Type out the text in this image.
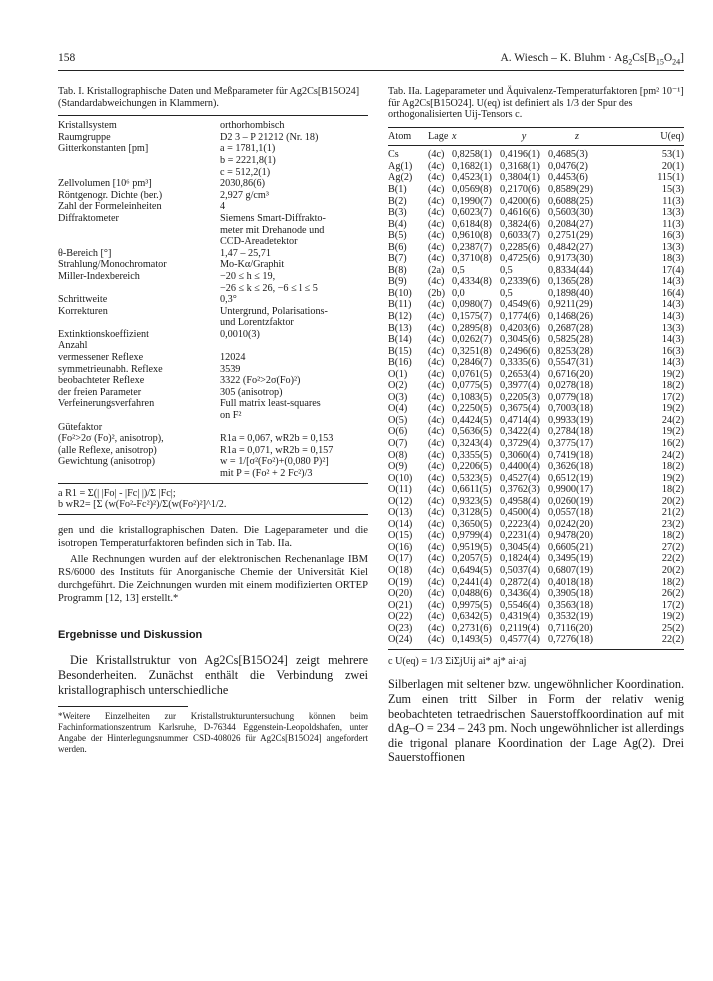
158	A. Wiesch – K. Bluhm · $Ag_2Cs[B_{15}O_{24}]$

Tab. I. Kristallographische Daten und Meßparameter für Ag2Cs[B15O24] (Standardabweichungen in Klammern).

Kristallsystem	orthorhombisch
Raumgruppe	D2 3 – P 21212 (Nr. 18)
Gitterkonstanten [pm]	a = 1781,1(1)
b = 2221,8(1)
c = 512,2(1)
Zellvolumen [10⁶ pm³]	2030,86(6)
Röntgenogr. Dichte (ber.)	2,927 g/cm³
Zahl der Formeleinheiten	4
Diffraktometer	Siemens Smart-Diffrakto-
meter mit Drehanode und
CCD-Areadetektor
θ-Bereich [°]	1,47 – 25,71
Strahlung/Monochromator	Mo-Kα/Graphit
Miller-Indexbereich	−20 ≤ h ≤ 19,
−26 ≤ k ≤ 26, −6 ≤ l ≤ 5
Schrittweite	0,3°
Korrekturen	Untergrund, Polarisations-
und Lorentzfaktor
Extinktionskoeffizient	0,0010(3)
Anzahl
vermessener Reflexe	12024
symmetrieunabh. Reflexe	3539
beobachteter Reflexe	3322 (Fo²>2σ(Fo)²)
der freien Parameter	305 (anisotrop)
Verfeinerungsverfahren	Full matrix least-squares
on F²
Gütefaktor
(Fo²>2σ (Fo)², anisotrop),	R1a = 0,067, wR2b = 0,153
(alle Reflexe, anisotrop)	R1a = 0,071, wR2b = 0,157
Gewichtung (anisotrop)	w = 1/[σ²(Fo²)+(0,080 P)²]
mit P = (Fo² + 2 Fc²)/3
a R1 = Σ(| |Fo| - |Fc| |)/Σ |Fc|;
b wR2= [Σ (w(Fo²-Fc²)²)/Σ(w(Fo²)²]^1/2.

gen und die kristallographischen Daten. Die Lageparameter und die isotropen Temperaturfaktoren befinden sich in Tab. IIa.

Alle Rechnungen wurden auf der elektronischen Rechenanlage IBM RS/6000 des Instituts für Anorganische Chemie der Universität Kiel durchgeführt. Die Zeichnungen wurden mit einem modifizierten ORTEP Programm [12, 13] erstellt.*

Ergebnisse und Diskussion

Die Kristallstruktur von Ag2Cs[B15O24] zeigt mehrere Besonderheiten. Zunächst enthält die Verbindung zwei kristallographisch unterschiedliche

*Weitere Einzelheiten zur Kristallstrukturuntersuchung können beim Fachinformationszentrum Karlsruhe, D-76344 Eggenstein-Leopoldshafen, unter Angabe der Hinterlegungsnummer CSD-408026 für Ag2Cs[B15O24] angefordert werden.

Tab. IIa. Lageparameter und Äquivalenz-Temperaturfaktoren [pm² 10⁻¹] für Ag2Cs[B15O24]. U(eq) ist definiert als 1/3 der Spur des orthogonalisierten Uij-Tensors c.

Atom	Lage	x	y	z	U(eq)
Cs	(4c)	0,8258(1)	0,4196(1)	0,4685(3)	53(1)
Ag(1)	(4c)	0,1682(1)	0,3168(1)	0,0476(2)	20(1)
Ag(2)	(4c)	0,4523(1)	0,3804(1)	0,4453(6)	115(1)
B(1)	(4c)	0,0569(8)	0,2170(6)	0,8589(29)	15(3)
B(2)	(4c)	0,1990(7)	0,4200(6)	0,6088(25)	11(3)
B(3)	(4c)	0,6023(7)	0,4616(6)	0,5603(30)	13(3)
B(4)	(4c)	0,6184(8)	0,3824(6)	0,2084(27)	11(3)
B(5)	(4c)	0,9610(8)	0,6033(7)	0,2751(29)	16(3)
B(6)	(4c)	0,2387(7)	0,2285(6)	0,4842(27)	13(3)
B(7)	(4c)	0,3710(8)	0,4725(6)	0,9173(30)	18(3)
B(8)	(2a)	0,5	0,5	0,8334(44)	17(4)
B(9)	(4c)	0,4334(8)	0,2339(6)	0,1365(28)	14(3)
B(10)	(2b)	0,0	0,5	0,1898(40)	16(4)
B(11)	(4c)	0,0980(7)	0,4549(6)	0,9211(29)	14(3)
B(12)	(4c)	0,1575(7)	0,1774(6)	0,1468(26)	14(3)
B(13)	(4c)	0,2895(8)	0,4203(6)	0,2687(28)	13(3)
B(14)	(4c)	0,0262(7)	0,3045(6)	0,5825(28)	14(3)
B(15)	(4c)	0,3251(8)	0,2496(6)	0,8253(28)	16(3)
B(16)	(4c)	0,2846(7)	0,3335(6)	0,5547(31)	14(3)
O(1)	(4c)	0,0761(5)	0,2653(4)	0,6716(20)	19(2)
O(2)	(4c)	0,0775(5)	0,3977(4)	0,0278(18)	18(2)
O(3)	(4c)	0,1083(5)	0,2205(3)	0,0779(18)	17(2)
O(4)	(4c)	0,2250(5)	0,3675(4)	0,7003(18)	19(2)
O(5)	(4c)	0,4424(5)	0,4714(4)	0,9933(19)	24(2)
O(6)	(4c)	0,5636(5)	0,3422(4)	0,2784(18)	19(2)
O(7)	(4c)	0,3243(4)	0,3729(4)	0,3775(17)	16(2)
O(8)	(4c)	0,3355(5)	0,3060(4)	0,7419(18)	24(2)
O(9)	(4c)	0,2206(5)	0,4400(4)	0,3626(18)	18(2)
O(10)	(4c)	0,5323(5)	0,4527(4)	0,6512(19)	19(2)
O(11)	(4c)	0,6611(5)	0,3762(3)	0,9900(17)	18(2)
O(12)	(4c)	0,9323(5)	0,4958(4)	0,0260(19)	20(2)
O(13)	(4c)	0,3128(5)	0,4500(4)	0,0557(18)	21(2)
O(14)	(4c)	0,3650(5)	0,2223(4)	0,0242(20)	23(2)
O(15)	(4c)	0,9799(4)	0,2231(4)	0,9478(20)	18(2)
O(16)	(4c)	0,9519(5)	0,3045(4)	0,6605(21)	27(2)
O(17)	(4c)	0,2057(5)	0,1824(4)	0,3495(19)	22(2)
O(18)	(4c)	0,6494(5)	0,5037(4)	0,6807(19)	20(2)
O(19)	(4c)	0,2441(4)	0,2872(4)	0,4018(18)	18(2)
O(20)	(4c)	0,0488(6)	0,3436(4)	0,3905(18)	26(2)
O(21)	(4c)	0,9975(5)	0,5546(4)	0,3563(18)	17(2)
O(22)	(4c)	0,6342(5)	0,4319(4)	0,3532(19)	19(2)
O(23)	(4c)	0,2731(6)	0,2119(4)	0,7116(20)	25(2)
O(24)	(4c)	0,1493(5)	0,4577(4)	0,7276(18)	22(2)
c U(eq) = 1/3 ΣiΣjUij ai* aj* ai·aj
Silberlagen mit seltener bzw. ungewöhnlicher Koordination. Zum einen tritt Silber in Form der relativ wenig beobachteten tetraedrischen Sauerstoffkoordination auf mit dAg–O = 234 – 243 pm. Noch ungewöhnlicher ist allerdings die trigonal planare Koordination der Lage Ag(2). Drei Sauerstoffionen
